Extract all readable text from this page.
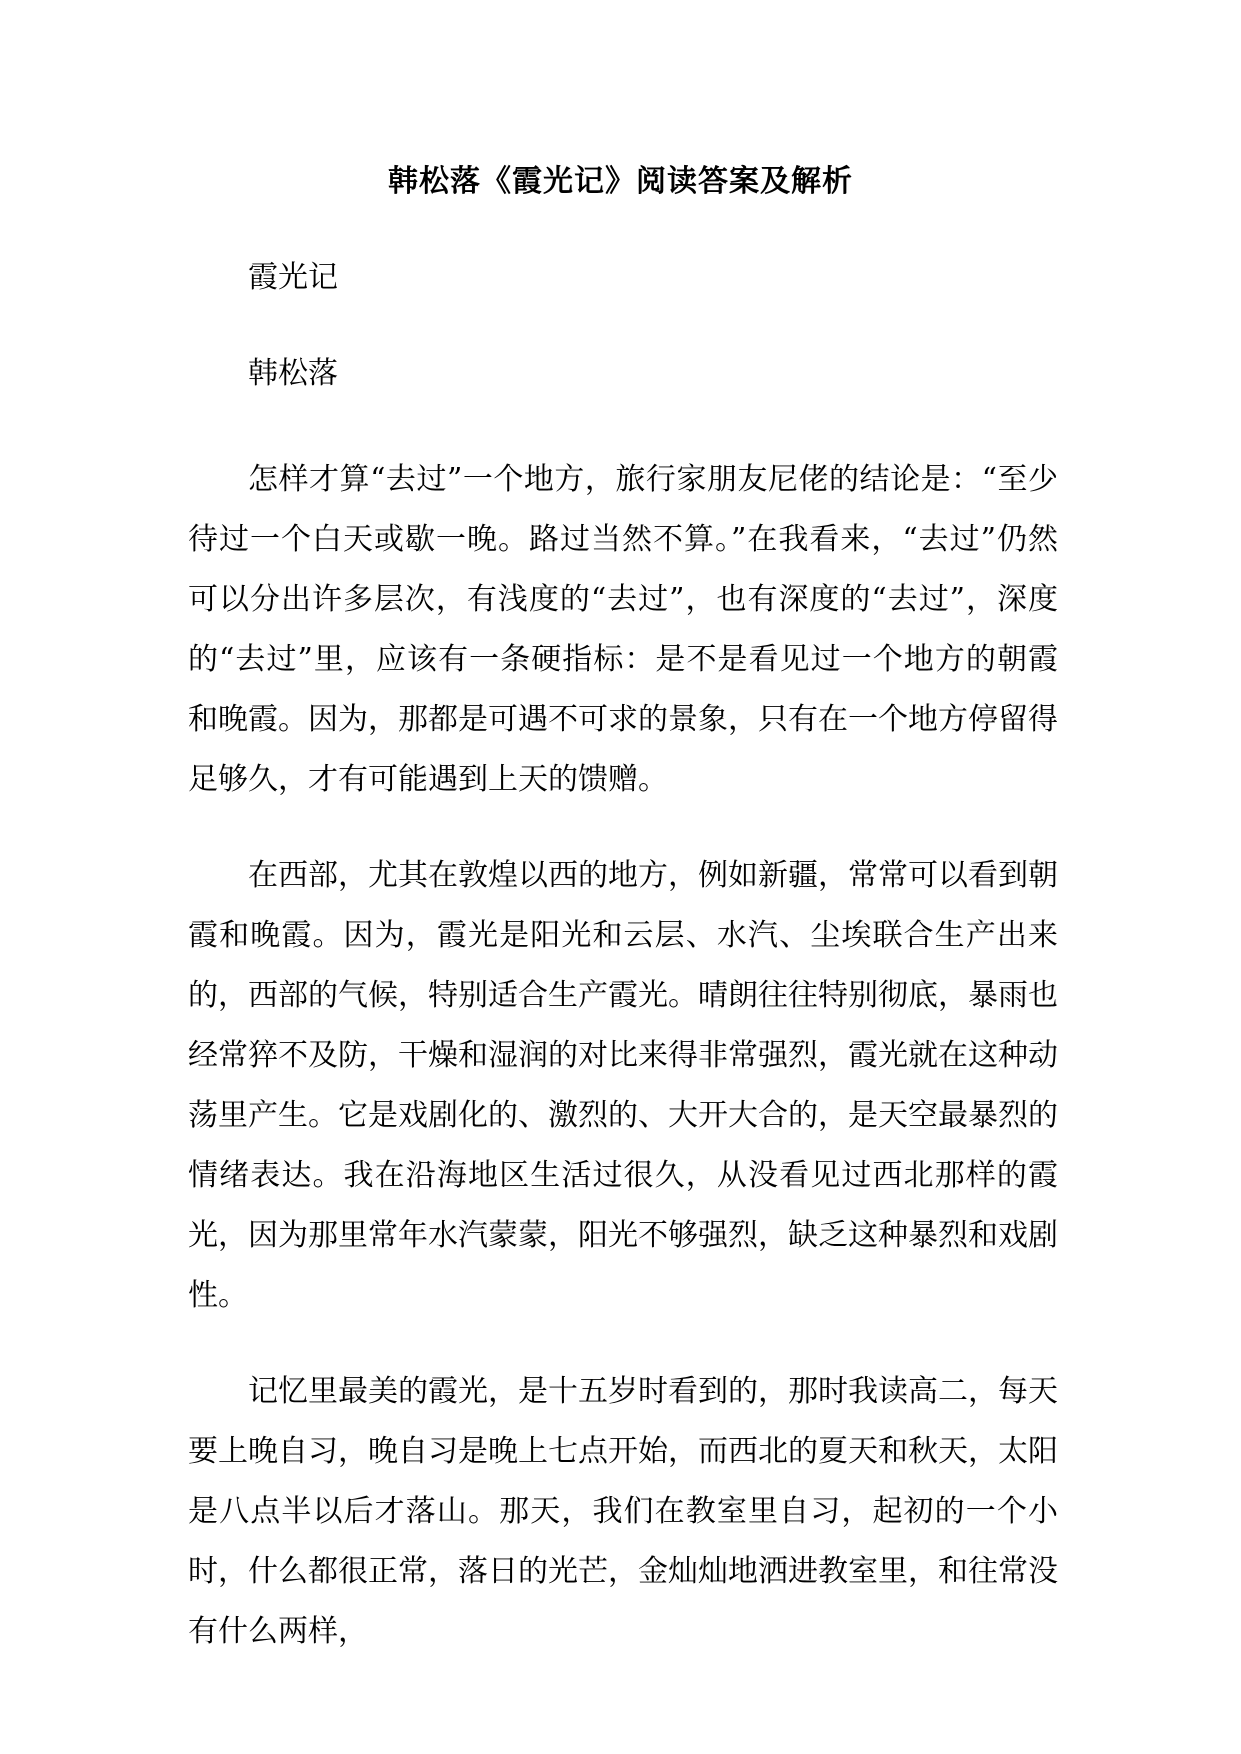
韩松落《霞光记》阅读答案及解析

霞光记

韩松落

怎样才算“去过”一个地方，旅行家朋友尼佬的结论是：“至少待过一个白天或歇一晚。路过当然不算。”在我看来，“去过”仍然可以分出许多层次，有浅度的“去过”，也有深度的“去过”，深度的“去过”里，应该有一条硬指标：是不是看见过一个地方的朝霞和晚霞。因为，那都是可遇不可求的景象，只有在一个地方停留得足够久，才有可能遇到上天的馈赠。

在西部，尤其在敦煌以西的地方，例如新疆，常常可以看到朝霞和晚霞。因为，霞光是阳光和云层、水汽、尘埃联合生产出来的，西部的气候，特别适合生产霞光。晴朗往往特别彻底，暴雨也经常猝不及防，干燥和湿润的对比来得非常强烈，霞光就在这种动荡里产生。它是戏剧化的、激烈的、大开大合的，是天空最暴烈的情绪表达。我在沿海地区生活过很久，从没看见过西北那样的霞光，因为那里常年水汽蒙蒙，阳光不够强烈，缺乏这种暴烈和戏剧性。

记忆里最美的霞光，是十五岁时看到的，那时我读高二，每天要上晚自习，晚自习是晚上七点开始，而西北的夏天和秋天，太阳是八点半以后才落山。那天，我们在教室里自习，起初的一个小时，什么都很正常，落日的光芒，金灿灿地洒进教室里，和往常没有什么两样，
